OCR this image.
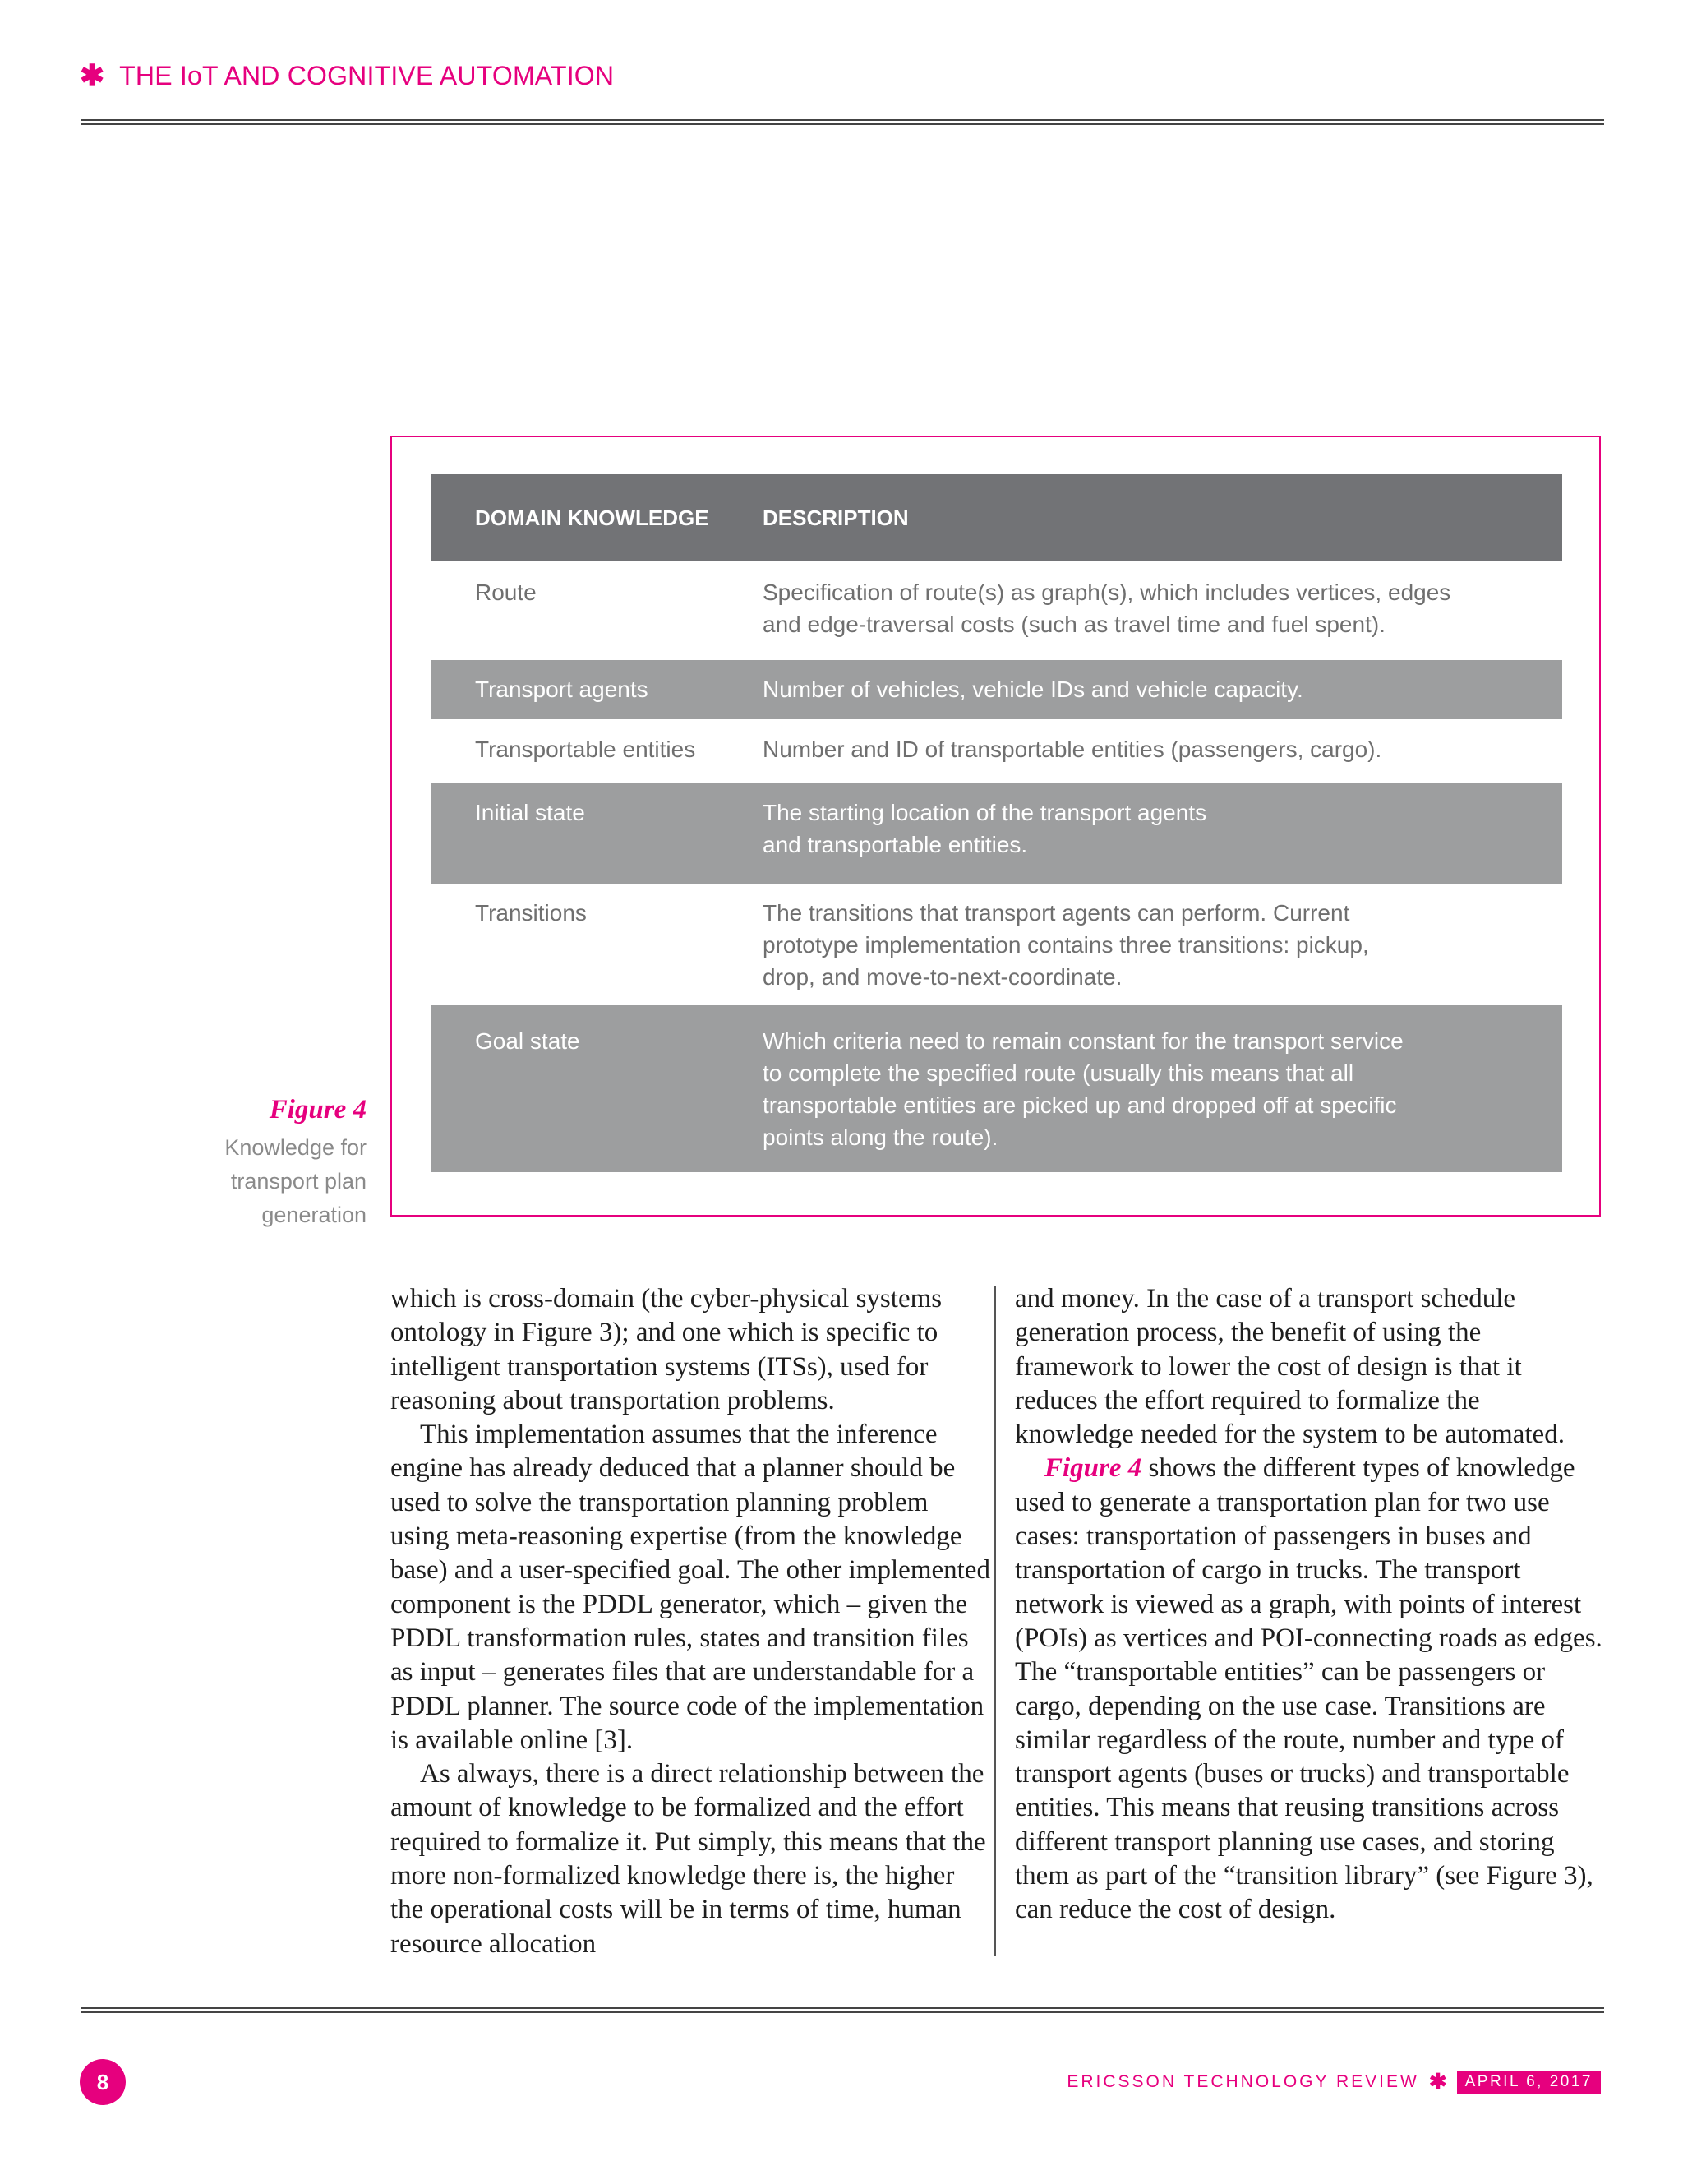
✱ THE IoT AND COGNITIVE AUTOMATION
Figure 4
Knowledge for
transport plan
generation
DOMAIN KNOWLEDGE	DESCRIPTION
Route	Specification of route(s) as graph(s), which includes vertices, edges
and edge-traversal costs (such as travel time and fuel spent).
Transport agents	Number of vehicles, vehicle IDs and vehicle capacity.
Transportable entities	Number and ID of transportable entities (passengers, cargo).
Initial state	The starting location of the transport agents
and transportable entities.
Transitions	The transitions that transport agents can perform. Current
prototype implementation contains three transitions: pickup,
drop, and move-to-next-coordinate.
Goal state	Which criteria need to remain constant for the transport service
to complete the specified route (usually this means that all
transportable entities are picked up and dropped off at specific
points along the route).

which is cross-domain (the cyber-physical systems ontology in Figure 3); and one which is specific to intelligent transportation systems (ITSs), used for reasoning about transportation problems.

This implementation assumes that the inference engine has already deduced that a planner should be used to solve the transportation planning problem using meta-reasoning expertise (from the knowledge base) and a user-specified goal. The other implemented component is the PDDL generator, which – given the PDDL transformation rules, states and transition files as input – generates files that are understandable for a PDDL planner. The source code of the implementation is available online [3].

As always, there is a direct relationship between the amount of knowledge to be formalized and the effort required to formalize it. Put simply, this means that the more non-formalized knowledge there is, the higher the operational costs will be in terms of time, human resource allocation

and money. In the case of a transport schedule generation process, the benefit of using the framework to lower the cost of design is that it reduces the effort required to formalize the knowledge needed for the system to be automated.

Figure 4 shows the different types of knowledge used to generate a transportation plan for two use cases: transportation of passengers in buses and transportation of cargo in trucks. The transport network is viewed as a graph, with points of interest (POIs) as vertices and POI-connecting roads as edges. The “transportable entities” can be passengers or cargo, depending on the use case. Transitions are similar regardless of the route, number and type of transport agents (buses or trucks) and transportable entities. This means that reusing transitions across different transport planning use cases, and storing them as part of the “transition library” (see Figure 3), can reduce the cost of design.

8	ERICSSON TECHNOLOGY REVIEW ✱	APRIL 6, 2017
